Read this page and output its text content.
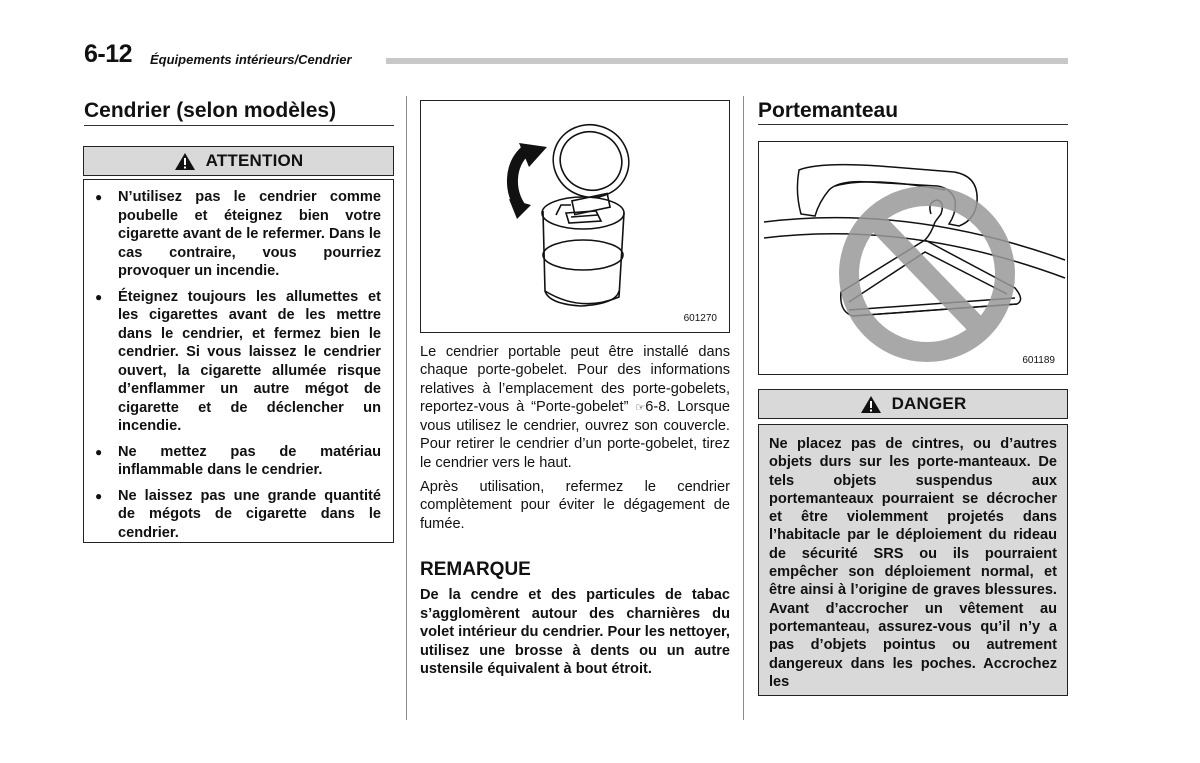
6-12 Équipements intérieurs/Cendrier
Cendrier (selon modèles)
ATTENTION
● N’utilisez pas le cendrier comme poubelle et éteignez bien votre cigarette avant de le refermer. Dans le cas contraire, vous pourriez provoquer un incendie.
● Éteignez toujours les allumettes et les cigarettes avant de les mettre dans le cendrier, et fermez bien le cendrier. Si vous laissez le cendrier ouvert, la cigarette allumée risque d’enflammer un autre mégot de cigarette et de déclencher un incendie.
● Ne mettez pas de matériau inflammable dans le cendrier.
● Ne laissez pas une grande quantité de mégots de cigarette dans le cendrier.
601270

Le cendrier portable peut être installé dans chaque porte-gobelet. Pour des informations relatives à l’emplacement des porte-gobelets, reportez-vous à “Porte-gobelet” ☞6-8. Lorsque vous utilisez le cendrier, ouvrez son couvercle. Pour retirer le cendrier d’un porte-gobelet, tirez le cendrier vers le haut.

Après utilisation, refermez le cendrier complètement pour éviter le dégagement de fumée.

REMARQUE

De la cendre et des particules de tabac s’agglomèrent autour des charnières du volet intérieur du cendrier. Pour les nettoyer, utilisez une brosse à dents ou un autre ustensile équivalent à bout étroit.

Portemanteau
601189
DANGER
Ne placez pas de cintres, ou d’autres objets durs sur les porte-manteaux. De tels objets suspendus aux portemanteaux pourraient se décrocher et être violemment projetés dans l’habitacle par le déploiement du rideau de sécurité SRS ou ils pourraient empêcher son déploiement normal, et être ainsi à l’origine de graves blessures. Avant d’accrocher un vêtement au portemanteau, assurez-vous qu’il n’y a pas d’objets pointus ou autrement dangereux dans les poches. Accrochez les
